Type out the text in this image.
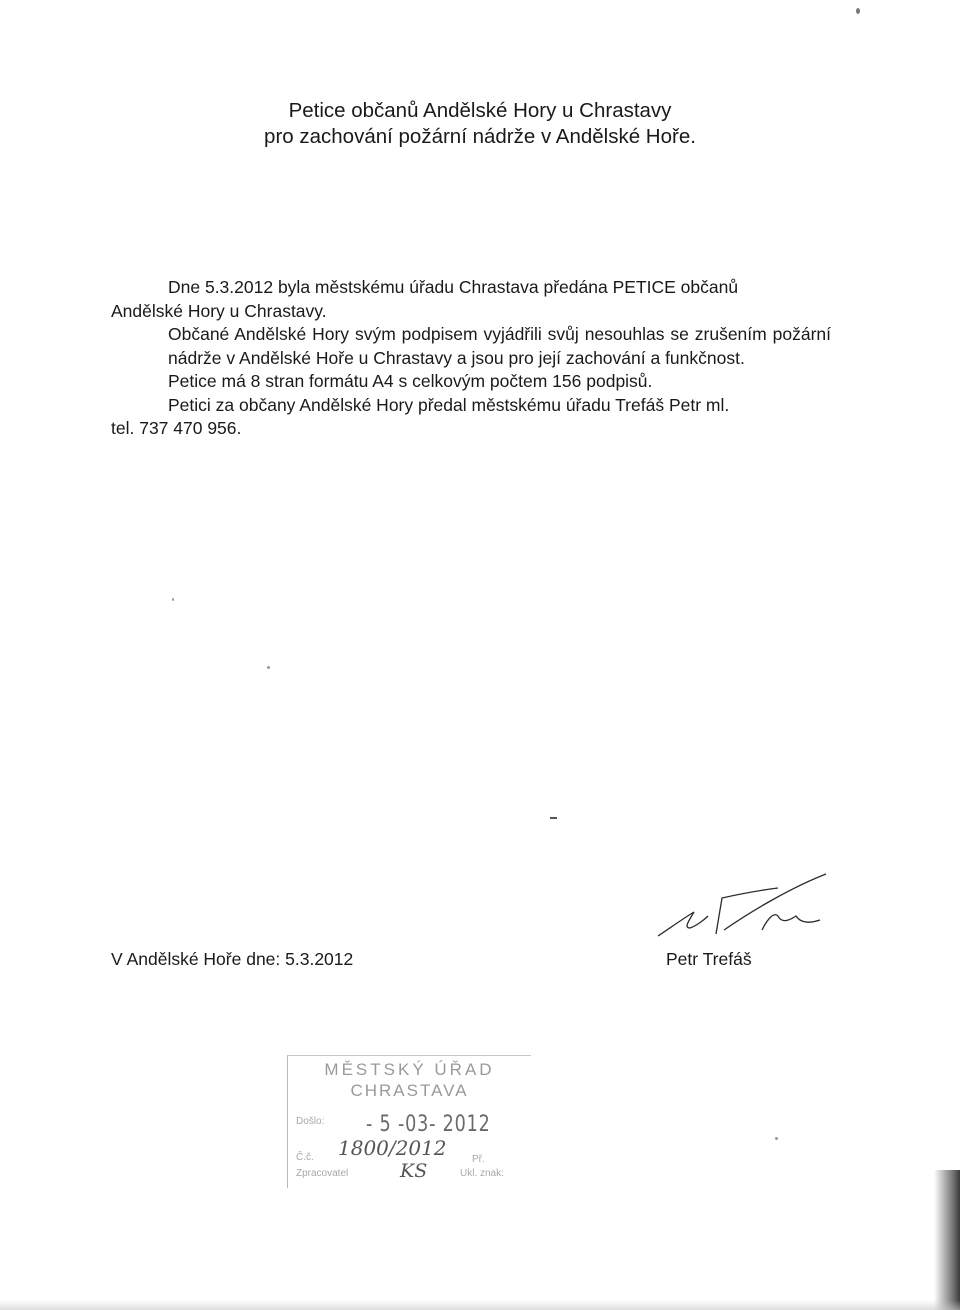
Petice občanů Andělské Hory u Chrastavy
pro zachování požární nádrže v Andělské Hoře.

Dne 5.3.2012 byla městskému úřadu Chrastava předána PETICE občanů

Andělské Hory u Chrastavy.

Občané Andělské Hory svým podpisem vyjádřili svůj nesouhlas se zrušením požární nádrže v Andělské Hoře u Chrastavy a jsou pro její zachování a funkčnost.

Petice má 8 stran formátu A4 s celkovým počtem 156 podpisů.

Petici za občany Andělské Hory předal městskému úřadu Trefáš Petr ml.

tel. 737 470 956.

V Andělské Hoře dne: 5.3.2012	Petr Trefáš
MĚSTSKÝ ÚŘAD
CHRASTAVA
Došlo: - 5 -03- 2012
Č.č. 1800/2012
Zpracovatel	KS
Př.
Ukl. znak:
